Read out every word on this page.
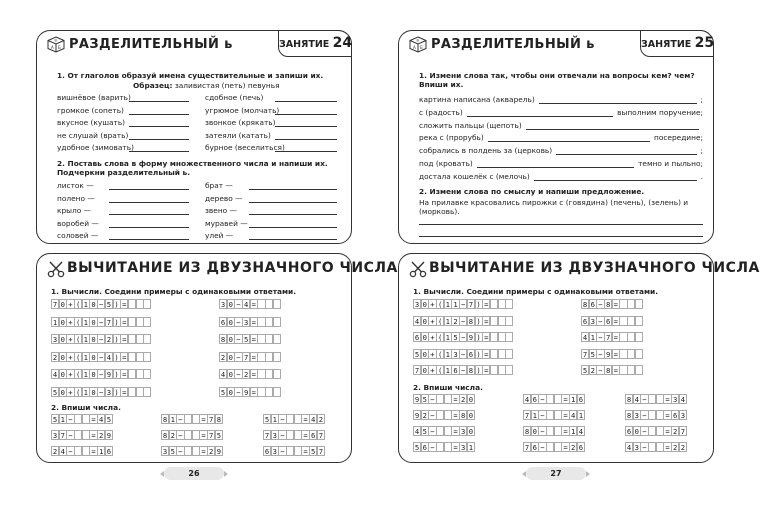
А Б
В РАЗДЕЛИТЕЛЬНЫЙ ь	ЗАНЯТИЕ 24
1. От глаголов образуй имена существительные и запиши их.
Образец: заливистая (петь) певунья
вишнёвое (варить)
громкое (сопеть)
вкусное (кушать)
не слушай (врать)
удобное (зимовать)
сдобное (печь)
угрюмое (молчать)
звонкое (крякать)
затеяли (катать)
бурное (веселиться)
2. Поставь слова в форму множественного числа и напиши их. Подчеркни разделительный ь.
листок —
полено —
крыло —
воробей —
соловей —
брат —
дерево —
звено —
муравей —
улей —
ВЫЧИТАНИЕ ИЗ ДВУЗНАЧНОГО ЧИСЛА
1. Вычисли. Соедини примеры с одинаковыми ответами.
7 0 + ( 1 0 − 5 ) =
1 0 + ( 1 0 − 7 ) =
3 0 + ( 1 0 − 2 ) =
2 0 + ( 1 0 − 4 ) =
4 0 + ( 1 0 − 9 ) =
5 0 + ( 1 0 − 3 ) =
3 0 − 4 =
6 0 − 3 =
8 0 − 5 =
2 0 − 7 =
4 0 − 2 =
5 0 − 9 =
2. Впиши числа.
5 1 −	= 4 5	8 1 −	= 7 8	5 1 −	= 4 2
3 7 −	= 2 9	8 2 −	= 7 5	7 3 −	= 6 7
2 4 −	= 1 6	3 5 −	= 2 9	6 3 −	= 5 7
26
А Б
В РАЗДЕЛИТЕЛЬНЫЙ ь	ЗАНЯТИЕ 25
1. Измени слова так, чтобы они отвечали на вопросы кем? чем? Впиши их.
картина написана (акварель)	;
с (радость)	выполним поручение;
сложить пальцы (щепоть)
река с (прорубь)	посередине;
собрались в полдень за (церковь)	;
под (кровать)	темно и пыльно;
достала кошелёк с (мелочь)	.
2. Измени слова по смыслу и напиши предложение.
На прилавке красовались пирожки с (говядина) (печень), (зелень) и (морковь).
ВЫЧИТАНИЕ ИЗ ДВУЗНАЧНОГО ЧИСЛА
1. Вычисли. Соедини примеры с одинаковыми ответами.
3 0 + ( 1 1 − 7 ) =
4 0 + ( 1 2 − 8 ) =
6 0 + ( 1 5 − 9 ) =
5 0 + ( 1 3 − 6 ) =
7 0 + ( 1 6 − 8 ) =
8 6 − 8 =
6 3 − 6 =
4 1 − 7 =
7 5 − 9 =
5 2 − 8 =
2. Впиши числа.
9 5 −	= 2 0	4 6 −	= 1 6	8 4 −	= 3 4
9 2 −	= 8 0	7 1 −	= 4 1	8 3 −	= 6 3
4 5 −	= 3 0	8 0 −	= 1 4	6 0 −	= 2 7
5 6 −	= 3 1	7 6 −	= 2 6	4 3 −	= 2 2
27
